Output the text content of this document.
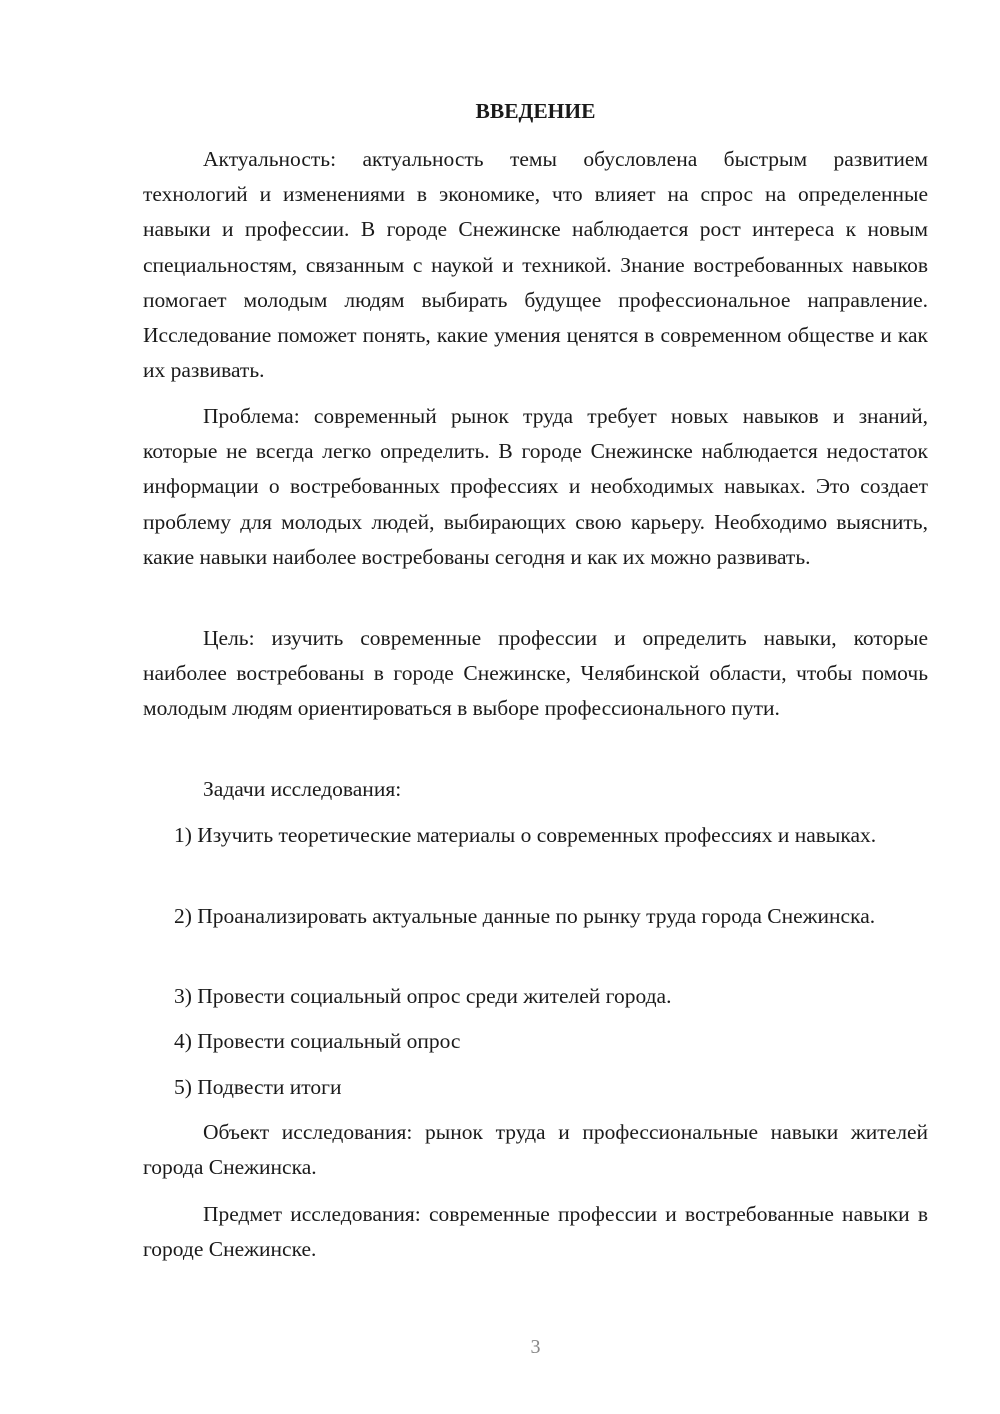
ВВЕДЕНИЕ

Актуальность: актуальность темы обусловлена быстрым развитием технологий и изменениями в экономике, что влияет на спрос на определенные навыки и профессии. В городе Снежинске наблюдается рост интереса к новым специальностям, связанным с наукой и техникой. Знание востребованных навыков помогает молодым людям выбирать будущее профессиональное направление. Исследование поможет понять, какие умения ценятся в современном обществе и как их развивать.

Проблема: современный рынок труда требует новых навыков и знаний, которые не всегда легко определить. В городе Снежинске наблюдается недостаток информации о востребованных профессиях и необходимых навыках. Это создает проблему для молодых людей, выбирающих свою карьеру. Необходимо выяснить, какие навыки наиболее востребованы сегодня и как их можно развивать.

Цель: изучить современные профессии и определить навыки, которые наиболее востребованы в городе Снежинске, Челябинской области, чтобы помочь молодым людям ориентироваться в выборе профессионального пути.

Задачи исследования:

1) Изучить теоретические материалы о современных профессиях и навыках.

2) Проанализировать актуальные данные по рынку труда города Снежинска.

3) Провести социальный опрос среди жителей города.

4) Провести социальный опрос

5) Подвести итоги

Объект исследования: рынок труда и профессиональные навыки жителей города Снежинска.

Предмет исследования: современные профессии и востребованные навыки в городе Снежинске.

3
